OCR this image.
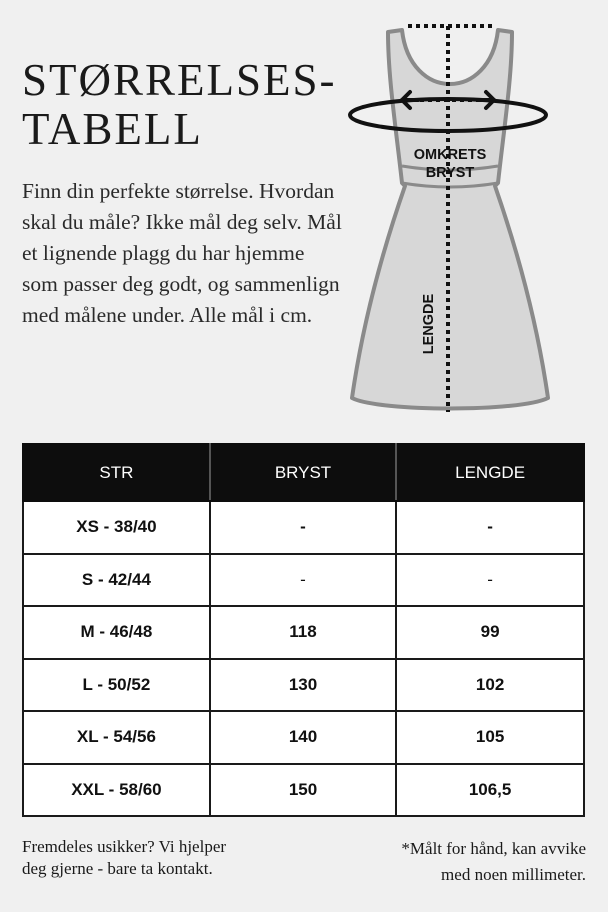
STØRRELSES-
TABELL
Finn din perfekte størrelse. Hvordan skal du måle? Ikke mål deg selv. Mål et lignende plagg du har hjemme som passer deg godt, og sammenlign med målene under. Alle mål i cm.	LENGDE
OMKRETS
BRYST
STR	BRYST	LENGDE
XS - 38/40	-	-
S - 42/44	-	-
M - 46/48	118	99
L - 50/52	130	102
XL - 54/56	140	105
XXL - 58/60	150	106,5
Fremdeles usikker? Vi hjelper
deg gjerne - bare ta kontakt.
*Målt for hånd, kan avvike
med noen millimeter.
